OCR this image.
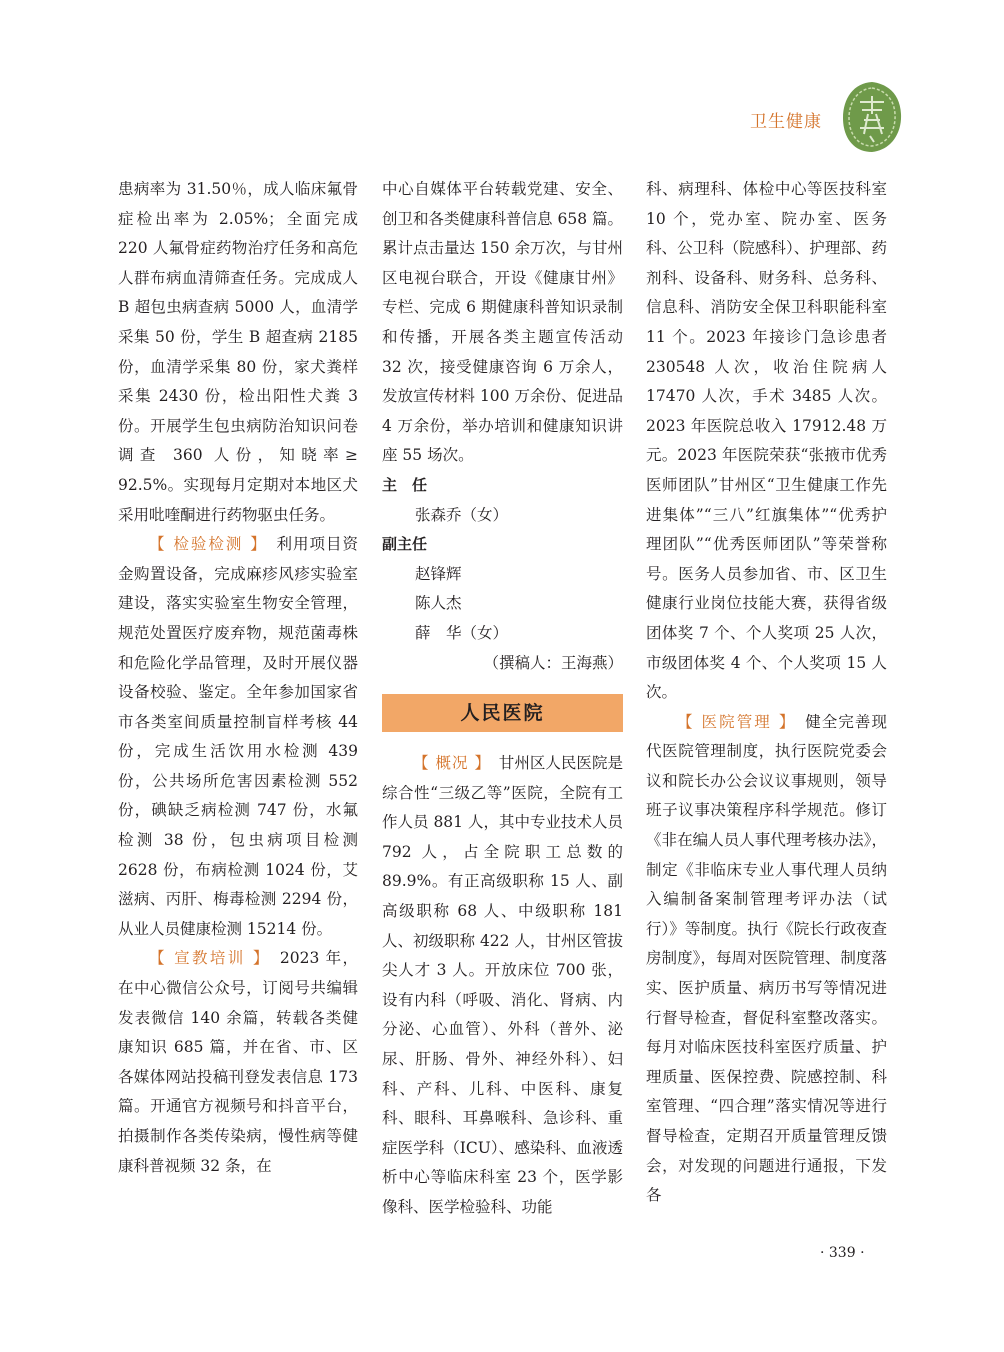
卫生健康

患病率为 31.50％，成人临床氟骨症检出率为 2.05%；全面完成 220 人氟骨症药物治疗任务和高危人群布病血清筛查任务。完成成人 B 超包虫病查病 5000 人，血清学采集 50 份，学生 B 超查病 2185 份，血清学采集 80 份，家犬粪样采集 2430 份，检出阳性犬粪 3 份。开展学生包虫病防治知识问卷调查 360 人份，知晓率≥ 92.5%。实现每月定期对本地区犬采用吡喹酮进行药物驱虫任务。

【 检验检测 】　 利用项目资金购置设备，完成麻疹风疹实验室建设，落实实验室生物安全管理，规范处置医疗废弃物，规范菌毒株和危险化学品管理，及时开展仪器设备校验、鉴定。全年参加国家省市各类室间质量控制盲样考核 44 份，完成生活饮用水检测 439 份，公共场所危害因素检测 552 份，碘缺乏病检测 747 份，水氟检测 38 份，包虫病项目检测 2628 份，布病检测 1024 份，艾滋病、丙肝、梅毒检测 2294 份，从业人员健康检测 15214 份。

【 宣教培训 】　 2023 年，在中心微信公众号，订阅号共编辑发表微信 140 余篇，转载各类健康知识 685 篇，并在省、市、区各媒体网站投稿刊登发表信息 173 篇。开通官方视频号和抖音平台，拍摄制作各类传染病，慢性病等健康科普视频 32 条，在

中心自媒体平台转载党建、安全、创卫和各类健康科普信息 658 篇。累计点击量达 150 余万次，与甘州区电视台联合，开设《健康甘州》专栏、完成 6 期健康科普知识录制和传播，开展各类主题宣传活动 32 次，接受健康咨询 6 万余人，发放宣传材料 100 万余份、促进品 4 万余份，举办培训和健康知识讲座 55 场次。

主　任

张森乔（女）

副主任

赵锋辉

陈人杰

薛　华（女）

（撰稿人：王海燕）

人民医院

【 概况 】　 甘州区人民医院是综合性“三级乙等”医院，全院有工作人员 881 人，其中专业技术人员 792 人，占全院职工总数的 89.9%。有正高级职称 15 人、副高级职称 68 人、中级职称 181 人、初级职称 422 人，甘州区管拔尖人才 3 人。开放床位 700 张，设有内科（呼吸、消化、肾病、内分泌、心血管）、外科（普外、泌尿、肝肠、骨外、神经外科）、妇科、产科、儿科、中医科、康复科、眼科、耳鼻喉科、急诊科、重症医学科（ICU）、感染科、血液透析中心等临床科室 23 个，医学影像科、医学检验科、功能

科、病理科、体检中心等医技科室 10 个，党办室、院办室、医务科、公卫科（院感科）、护理部、药剂科、设备科、财务科、总务科、信息科、消防安全保卫科职能科室 11 个。2023 年接诊门急诊患者 230548 人次，收治住院病人 17470 人次，手术 3485 人次。2023 年医院总收入 17912.48 万元。2023 年医院荣获“张掖市优秀医师团队”甘州区“卫生健康工作先进集体”“三八”红旗集体”“优秀护理团队”“优秀医师团队”等荣誉称号。医务人员参加省、市、区卫生健康行业岗位技能大赛，获得省级团体奖 7 个、个人奖项 25 人次，市级团体奖 4 个、个人奖项 15 人次。

【 医院管理 】　 健全完善现代医院管理制度，执行医院党委会议和院长办公会议议事规则，领导班子议事决策程序科学规范。修订《非在编人员人事代理考核办法》，制定《非临床专业人事代理人员纳入编制备案制管理考评办法（试行）》等制度。执行《院长行政夜查房制度》，每周对医院管理、制度落实、医护质量、病历书写等情况进行督导检查，督促科室整改落实。每月对临床医技科室医疗质量、护理质量、医保控费、院感控制、科室管理、“四合理”落实情况等进行督导检查，定期召开质量管理反馈会，对发现的问题进行通报，下发各

· 339 ·
